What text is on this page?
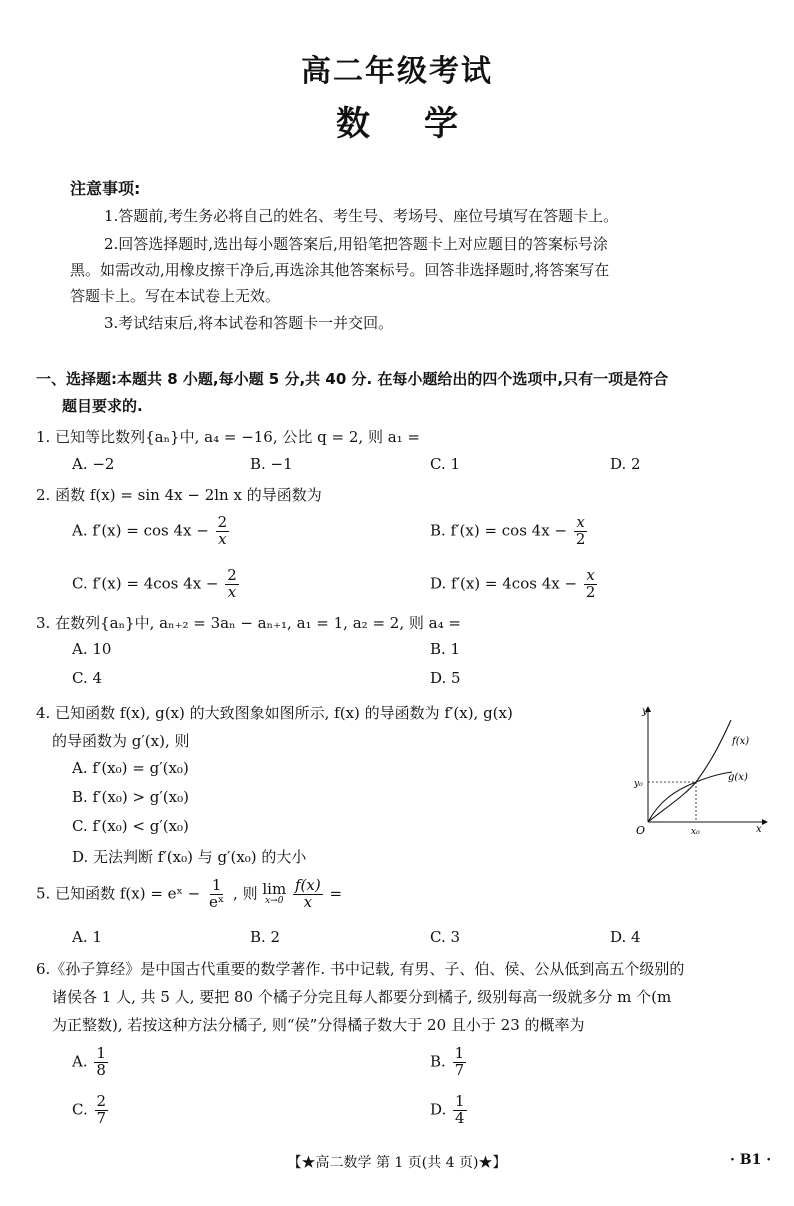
高二年级考试
数学
注意事项:
1.答题前,考生务必将自己的姓名、考生号、考场号、座位号填写在答题卡上。
2.回答选择题时,选出每小题答案后,用铅笔把答题卡上对应题目的答案标号涂
黑。如需改动,用橡皮擦干净后,再选涂其他答案标号。回答非选择题时,将答案写在
答题卡上。写在本试卷上无效。
3.考试结束后,将本试卷和答题卡一并交回。
一、选择题:本题共 8 小题,每小题 5 分,共 40 分. 在每小题给出的四个选项中,只有一项是符合
题目要求的.
1. 已知等比数列{aₙ}中, a₄ = −16, 公比 q = 2, 则 a₁ =
A. −2	B. −1	C. 1	D. 2
2. 函数 f(x) = sin 4x − 2ln x 的导函数为
A. $f'(x) = \cos 4x - \frac{2}{x}$	B. $f'(x) = \cos 4x - \frac{x}{2}$
C. f′(x) = 4cos $4x - \frac{2}{x}$	D. f′(x) = 4cos $4x - \frac{x}{2}$
3. 在数列{aₙ}中, aₙ₊₂ = 3aₙ − aₙ₊₁, a₁ = 1, a₂ = 2, 则 a₄ =
A. 10	B. 1
C. 4	D. 5
4. 已知函数 f(x), g(x) 的大致图象如图所示, f(x) 的导函数为 f′(x), g(x)
的导函数为 g′(x), 则
A. f′(x₀) = g′(x₀)
B. f′(x₀) > g′(x₀)
C. f′(x₀) < g′(x₀)
D. 无法判断 f′(x₀) 与 g′(x₀) 的大小
y
x
O
f(x)
g(x)
x₀
y₀
5. 已知函数 f(x) = eˣ − $\frac{1}{\text{eˣ}}$ , 则 lim
x→0
$\frac{f(x)}{x}$ =
A. 1	B. 2	C. 3	D. 4
6.《孙子算经》是中国古代重要的数学著作. 书中记载, 有男、子、伯、侯、公从低到高五个级别的
诸侯各 1 人, 共 5 人, 要把 80 个橘子分完且每人都要分到橘子, 级别每高一级就多分 m 个(m
为正整数), 若按这种方法分橘子, 则“侯”分得橘子数大于 20 且小于 23 的概率为
A. $\frac{1}{8}$	B. $\frac{1}{7}$
C. $\frac{2}{7}$	D. $\frac{1}{4}$
【★高二数学 第 1 页(共 4 页)★】	· B1 ·
